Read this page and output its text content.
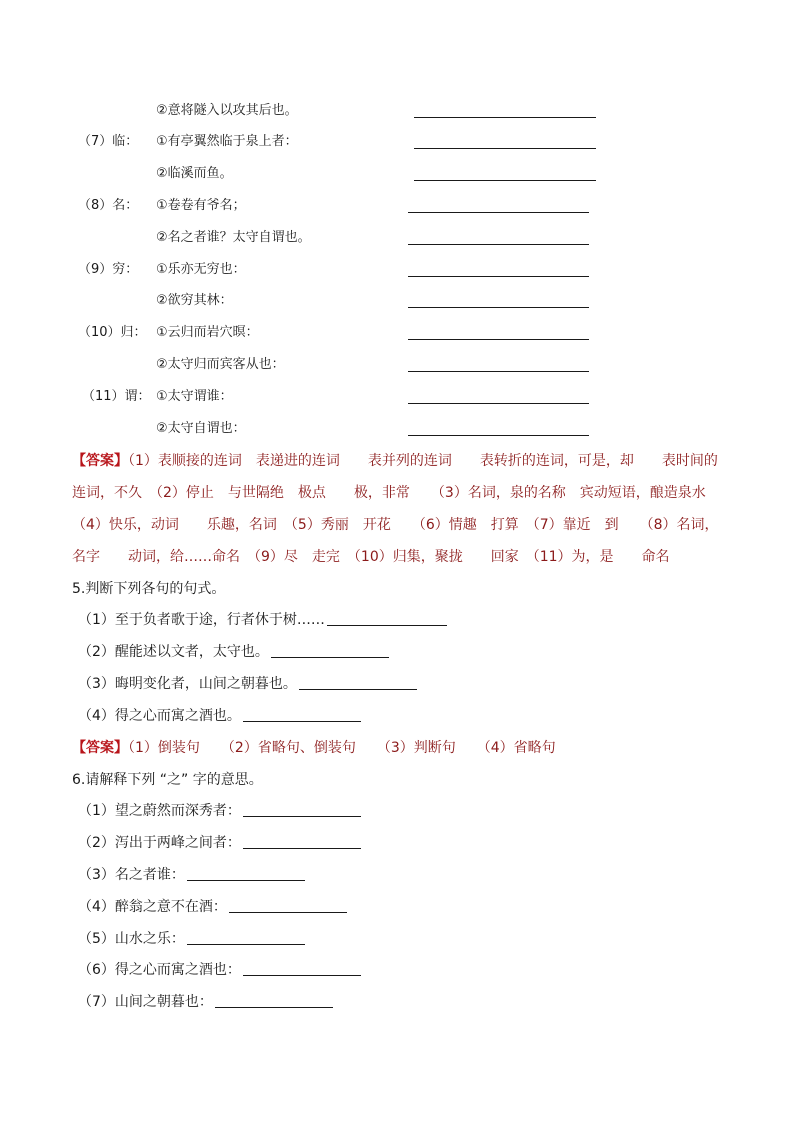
②意将隧入以攻其后也。
（7）临： ①有亭翼然临于泉上者：
②临溪而鱼。
（8）名： ①卷卷有爷名；
②名之者谁？太守自谓也。
（9）穷： ①乐亦无穷也：
②欲穷其林：
（10）归： ①云归而岩穴暝：
②太守归而宾客从也：
（11）谓： ①太守谓谁：
②太守自谓也：
【答案】（1）表顺接的连词　表递进的连词　　表并列的连词　　表转折的连词，可是，却　　表时间的
连词，不久　（2）停止　与世隔绝　极点　　极，非常　　（3）名词，泉的名称　宾动短语，酿造泉水
（4）快乐，动词　　乐趣，名词　（5）秀丽　开花　　（6）情趣　打算　（7）靠近　到　　（8）名词，
名字　　动词，给……命名　（9）尽　走完　（10）归集，聚拢　　回家　（11）为，是　　命名
5.判断下列各句的句式。
（1）至于负者歌于途，行者休于树……
（2）醒能述以文者，太守也。
（3）晦明变化者，山间之朝暮也。
（4）得之心而寓之酒也。
【答案】（1）倒装句　　（2）省略句、倒装句　　（3）判断句　　（4）省略句
6.请解释下列 “之” 字的意思。
（1）望之蔚然而深秀者：
（2）泻出于两峰之间者：
（3）名之者谁：
（4）醉翁之意不在酒：
（5）山水之乐：
（6）得之心而寓之酒也：
（7）山间之朝暮也：
